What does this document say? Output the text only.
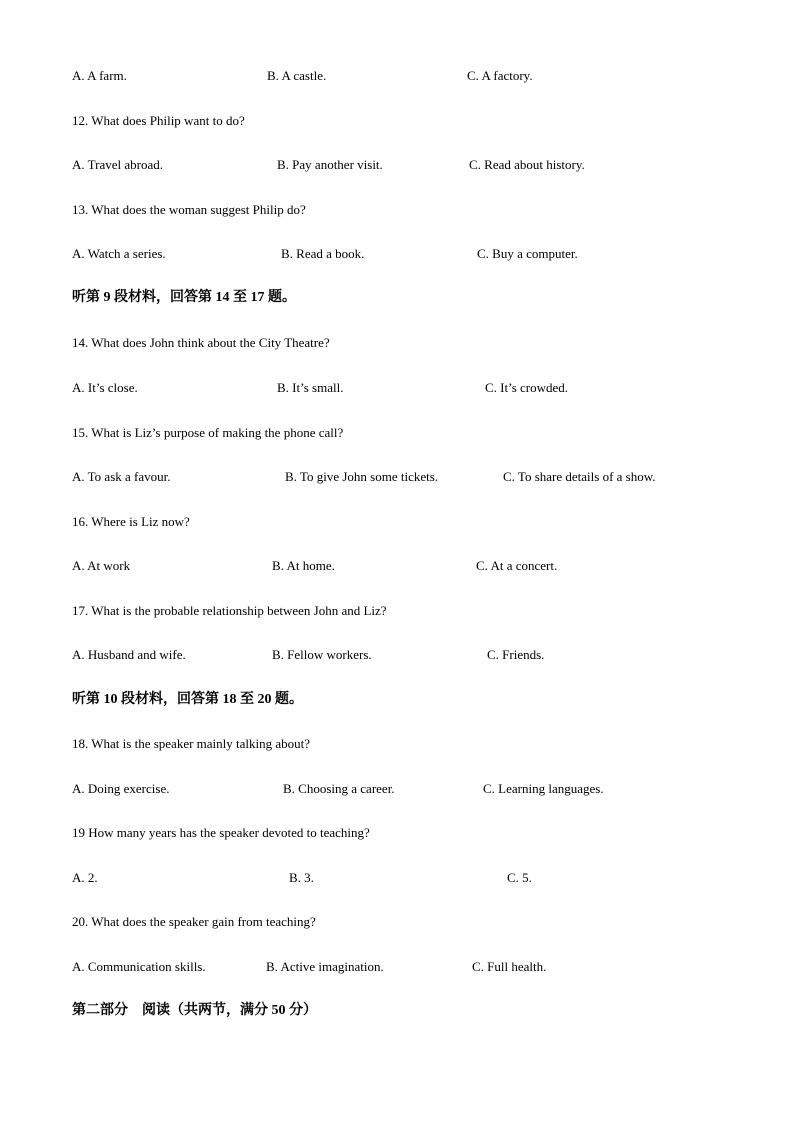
A. A farm.	B. A castle.	C. A factory.
12. What does Philip want to do?
A. Travel abroad.	B. Pay another visit.	C. Read about history.
13. What does the woman suggest Philip do?
A. Watch a series.	B. Read a book.	C. Buy a computer.
听第 9 段材料，回答第 14 至 17 题。
14. What does John think about the City Theatre?
A. It’s close.	B. It’s small.	C. It’s crowded.
15. What is Liz’s purpose of making the phone call?
A. To ask a favour.	B. To give John some tickets.	C. To share details of a show.
16. Where is Liz now?
A. At work	B. At home.	C. At a concert.
17. What is the probable relationship between John and Liz?
A. Husband and wife.	B. Fellow workers.	C. Friends.
听第 10 段材料，回答第 18 至 20 题。
18. What is the speaker mainly talking about?
A. Doing exercise.	B. Choosing a career.	C. Learning languages.
19 How many years has the speaker devoted to teaching?
A. 2.	B. 3.	C. 5.
20. What does the speaker gain from teaching?
A. Communication skills.	B. Active imagination.	C. Full health.
第二部分　阅读（共两节，满分 50 分）
